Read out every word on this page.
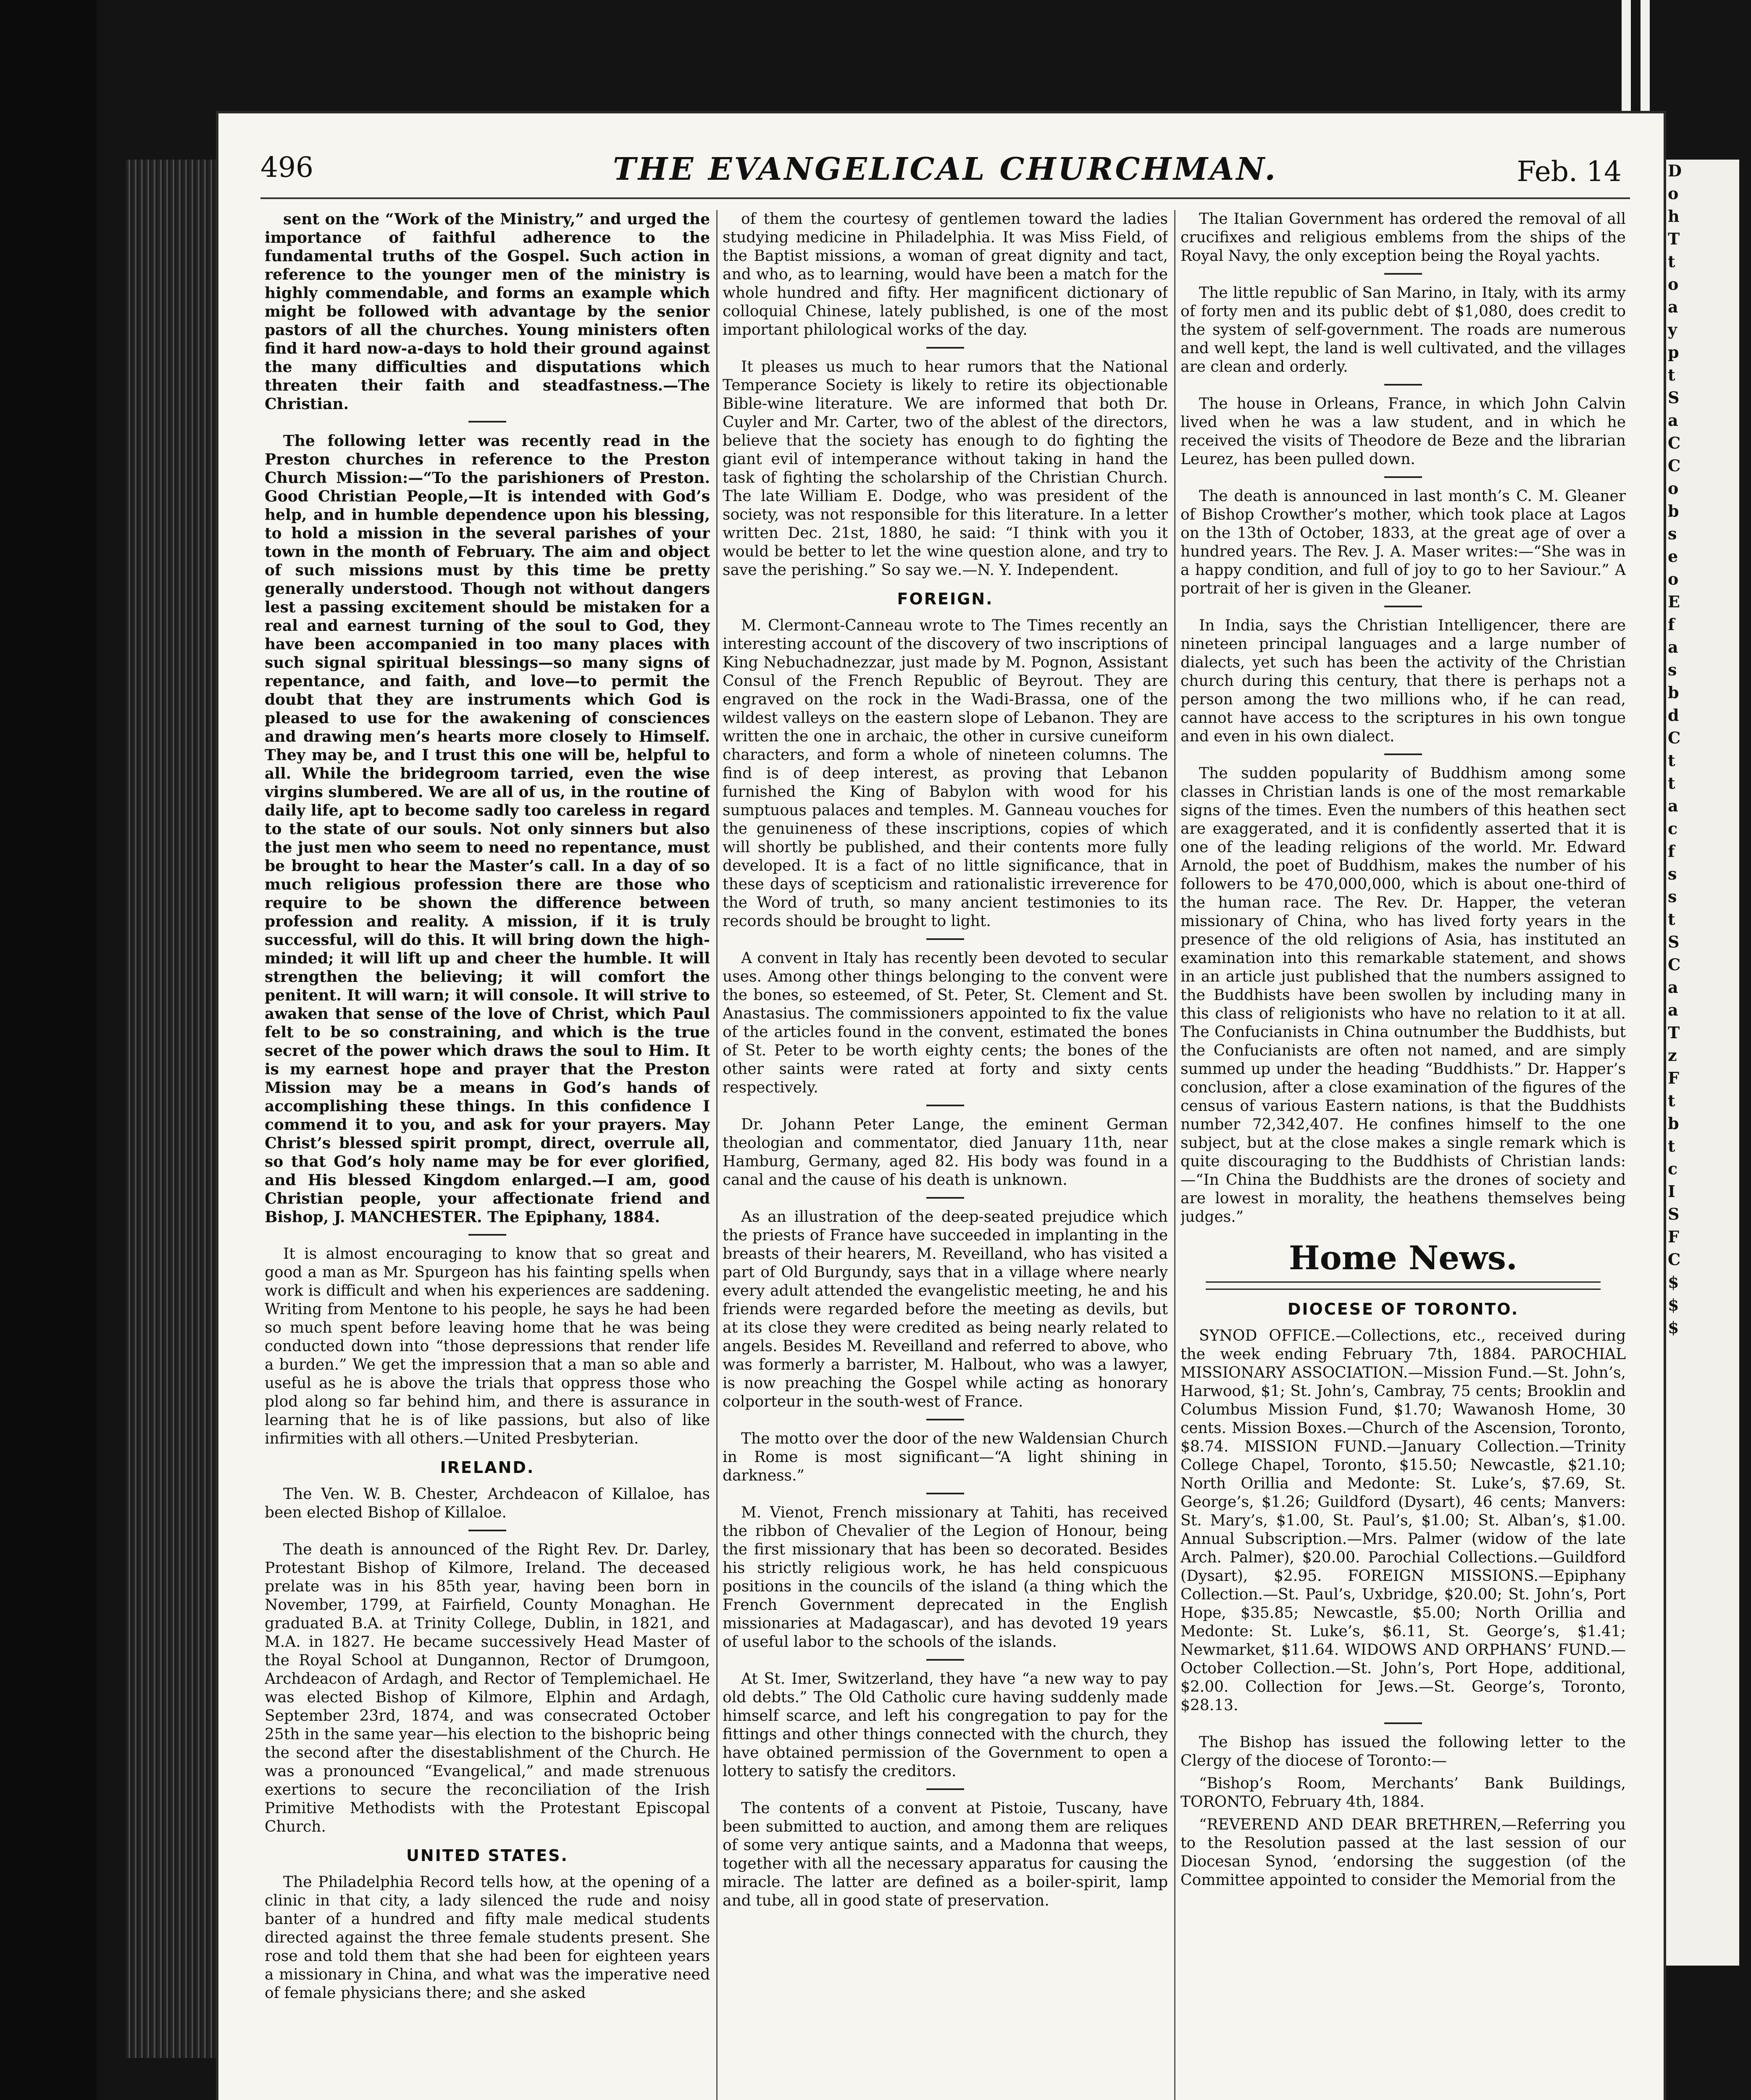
D
o
h
T
t
o
a
y
p
t
S
a
C
C
o
b
s
e
o
E
f
a
s
b
d
C
t
t
a
c
f
s
s
t
S
C
a
a
T
z
F
t
b
t
c
I
S
F
C
$
$
$
THE EVANGELICAL CHURCHMAN.
496	Feb. 14

sent on the “Work of the Ministry,” and urged the importance of faithful adherence to the fundamental truths of the Gospel. Such action in reference to the younger men of the ministry is highly commendable, and forms an example which might be followed with advantage by the senior pastors of all the churches. Young ministers often find it hard now-a-days to hold their ground against the many difficulties and disputations which threaten their faith and steadfastness.—The Christian.

The following letter was recently read in the Preston churches in reference to the Preston Church Mission:—“To the parishioners of Preston. Good Christian People,—It is intended with God’s help, and in humble dependence upon his blessing, to hold a mission in the several parishes of your town in the month of February. The aim and object of such missions must by this time be pretty generally understood. Though not without dangers lest a passing excitement should be mistaken for a real and earnest turning of the soul to God, they have been accompanied in too many places with such signal spiritual blessings—so many signs of repentance, and faith, and love—to permit the doubt that they are instruments which God is pleased to use for the awakening of consciences and drawing men’s hearts more closely to Himself. They may be, and I trust this one will be, helpful to all. While the bridegroom tarried, even the wise virgins slumbered. We are all of us, in the routine of daily life, apt to become sadly too careless in regard to the state of our souls. Not only sinners but also the just men who seem to need no repentance, must be brought to hear the Master’s call. In a day of so much religious profession there are those who require to be shown the difference between profession and reality. A mission, if it is truly successful, will do this. It will bring down the high-minded; it will lift up and cheer the humble. It will strengthen the believing; it will comfort the penitent. It will warn; it will console. It will strive to awaken that sense of the love of Christ, which Paul felt to be so constraining, and which is the true secret of the power which draws the soul to Him. It is my earnest hope and prayer that the Preston Mission may be a means in God’s hands of accomplishing these things. In this confidence I commend it to you, and ask for your prayers. May Christ’s blessed spirit prompt, direct, overrule all, so that God’s holy name may be for ever glorified, and His blessed Kingdom enlarged.—I am, good Christian people, your affectionate friend and Bishop, J. MANCHESTER. The Epiphany, 1884.

It is almost encouraging to know that so great and good a man as Mr. Spurgeon has his fainting spells when work is difficult and when his experiences are saddening. Writing from Mentone to his people, he says he had been so much spent before leaving home that he was being conducted down into “those depressions that render life a burden.” We get the impression that a man so able and useful as he is above the trials that oppress those who plod along so far behind him, and there is assurance in learning that he is of like passions, but also of like infirmities with all others.—United Presbyterian.

IRELAND.

The Ven. W. B. Chester, Archdeacon of Killaloe, has been elected Bishop of Killaloe.

The death is announced of the Right Rev. Dr. Darley, Protestant Bishop of Kilmore, Ireland. The deceased prelate was in his 85th year, having been born in November, 1799, at Fairfield, County Monaghan. He graduated B.A. at Trinity College, Dublin, in 1821, and M.A. in 1827. He became successively Head Master of the Royal School at Dungannon, Rector of Drumgoon, Archdeacon of Ardagh, and Rector of Templemichael. He was elected Bishop of Kilmore, Elphin and Ardagh, September 23rd, 1874, and was consecrated October 25th in the same year—his election to the bishopric being the second after the disestablishment of the Church. He was a pronounced “Evangelical,” and made strenuous exertions to secure the reconciliation of the Irish Primitive Methodists with the Protestant Episcopal Church.

UNITED STATES.

The Philadelphia Record tells how, at the opening of a clinic in that city, a lady silenced the rude and noisy banter of a hundred and fifty male medical students directed against the three female students present. She rose and told them that she had been for eighteen years a missionary in China, and what was the imperative need of female physicians there; and she asked

of them the courtesy of gentlemen toward the ladies studying medicine in Philadelphia. It was Miss Field, of the Baptist missions, a woman of great dignity and tact, and who, as to learning, would have been a match for the whole hundred and fifty. Her magnificent dictionary of colloquial Chinese, lately published, is one of the most important philological works of the day.

It pleases us much to hear rumors that the National Temperance Society is likely to retire its objectionable Bible-wine literature. We are informed that both Dr. Cuyler and Mr. Carter, two of the ablest of the directors, believe that the society has enough to do fighting the giant evil of intemperance without taking in hand the task of fighting the scholarship of the Christian Church. The late William E. Dodge, who was president of the society, was not responsible for this literature. In a letter written Dec. 21st, 1880, he said: “I think with you it would be better to let the wine question alone, and try to save the perishing.” So say we.—N. Y. Independent.

FOREIGN.

M. Clermont-Canneau wrote to The Times recently an interesting account of the discovery of two inscriptions of King Nebuchadnezzar, just made by M. Pognon, Assistant Consul of the French Republic of Beyrout. They are engraved on the rock in the Wadi-Brassa, one of the wildest valleys on the eastern slope of Lebanon. They are written the one in archaic, the other in cursive cuneiform characters, and form a whole of nineteen columns. The find is of deep interest, as proving that Lebanon furnished the King of Babylon with wood for his sumptuous palaces and temples. M. Ganneau vouches for the genuineness of these inscriptions, copies of which will shortly be published, and their contents more fully developed. It is a fact of no little significance, that in these days of scepticism and rationalistic irreverence for the Word of truth, so many ancient testimonies to its records should be brought to light.

A convent in Italy has recently been devoted to secular uses. Among other things belonging to the convent were the bones, so esteemed, of St. Peter, St. Clement and St. Anastasius. The commissioners appointed to fix the value of the articles found in the convent, estimated the bones of St. Peter to be worth eighty cents; the bones of the other saints were rated at forty and sixty cents respectively.

Dr. Johann Peter Lange, the eminent German theologian and commentator, died January 11th, near Hamburg, Germany, aged 82. His body was found in a canal and the cause of his death is unknown.

As an illustration of the deep-seated prejudice which the priests of France have succeeded in implanting in the breasts of their hearers, M. Reveilland, who has visited a part of Old Burgundy, says that in a village where nearly every adult attended the evangelistic meeting, he and his friends were regarded before the meeting as devils, but at its close they were credited as being nearly related to angels. Besides M. Reveilland and referred to above, who was formerly a barrister, M. Halbout, who was a lawyer, is now preaching the Gospel while acting as honorary colporteur in the south-west of France.

The motto over the door of the new Waldensian Church in Rome is most significant—“A light shining in darkness.”

M. Vienot, French missionary at Tahiti, has received the ribbon of Chevalier of the Legion of Honour, being the first missionary that has been so decorated. Besides his strictly religious work, he has held conspicuous positions in the councils of the island (a thing which the French Government deprecated in the English missionaries at Madagascar), and has devoted 19 years of useful labor to the schools of the islands.

At St. Imer, Switzerland, they have “a new way to pay old debts.” The Old Catholic cure having suddenly made himself scarce, and left his congregation to pay for the fittings and other things connected with the church, they have obtained permission of the Government to open a lottery to satisfy the creditors.

The contents of a convent at Pistoie, Tuscany, have been submitted to auction, and among them are reliques of some very antique saints, and a Madonna that weeps, together with all the necessary apparatus for causing the miracle. The latter are defined as a boiler-spirit, lamp and tube, all in good state of preservation.

The Italian Government has ordered the removal of all crucifixes and religious emblems from the ships of the Royal Navy, the only exception being the Royal yachts.

The little republic of San Marino, in Italy, with its army of forty men and its public debt of $1,080, does credit to the system of self-government. The roads are numerous and well kept, the land is well cultivated, and the villages are clean and orderly.

The house in Orleans, France, in which John Calvin lived when he was a law student, and in which he received the visits of Theodore de Beze and the librarian Leurez, has been pulled down.

The death is announced in last month’s C. M. Gleaner of Bishop Crowther’s mother, which took place at Lagos on the 13th of October, 1833, at the great age of over a hundred years. The Rev. J. A. Maser writes:—“She was in a happy condition, and full of joy to go to her Saviour.” A portrait of her is given in the Gleaner.

In India, says the Christian Intelligencer, there are nineteen principal languages and a large number of dialects, yet such has been the activity of the Christian church during this century, that there is perhaps not a person among the two millions who, if he can read, cannot have access to the scriptures in his own tongue and even in his own dialect.

The sudden popularity of Buddhism among some classes in Christian lands is one of the most remarkable signs of the times. Even the numbers of this heathen sect are exaggerated, and it is confidently asserted that it is one of the leading religions of the world. Mr. Edward Arnold, the poet of Buddhism, makes the number of his followers to be 470,000,000, which is about one-third of the human race. The Rev. Dr. Happer, the veteran missionary of China, who has lived forty years in the presence of the old religions of Asia, has instituted an examination into this remarkable statement, and shows in an article just published that the numbers assigned to the Buddhists have been swollen by including many in this class of religionists who have no relation to it at all. The Confucianists in China outnumber the Buddhists, but the Confucianists are often not named, and are simply summed up under the heading “Buddhists.” Dr. Happer’s conclusion, after a close examination of the figures of the census of various Eastern nations, is that the Buddhists number 72,342,407. He confines himself to the one subject, but at the close makes a single remark which is quite discouraging to the Buddhists of Christian lands:—“In China the Buddhists are the drones of society and are lowest in morality, the heathens themselves being judges.”

Home News.
DIOCESE OF TORONTO.

SYNOD OFFICE.—Collections, etc., received during the week ending February 7th, 1884. PAROCHIAL MISSIONARY ASSOCIATION.—Mission Fund.—St. John’s, Harwood, $1; St. John’s, Cambray, 75 cents; Brooklin and Columbus Mission Fund, $1.70; Wawanosh Home, 30 cents. Mission Boxes.—Church of the Ascension, Toronto, $8.74. MISSION FUND.—January Collection.—Trinity College Chapel, Toronto, $15.50; Newcastle, $21.10; North Orillia and Medonte: St. Luke’s, $7.69, St. George’s, $1.26; Guildford (Dysart), 46 cents; Manvers: St. Mary’s, $1.00, St. Paul’s, $1.00; St. Alban’s, $1.00. Annual Subscription.—Mrs. Palmer (widow of the late Arch. Palmer), $20.00. Parochial Collections.—Guildford (Dysart), $2.95. FOREIGN MISSIONS.—Epiphany Collection.—St. Paul’s, Uxbridge, $20.00; St. John’s, Port Hope, $35.85; Newcastle, $5.00; North Orillia and Medonte: St. Luke’s, $6.11, St. George’s, $1.41; Newmarket, $11.64. WIDOWS AND ORPHANS’ FUND.—October Collection.—St. John’s, Port Hope, additional, $2.00. Collection for Jews.—St. George’s, Toronto, $28.13.

The Bishop has issued the following letter to the Clergy of the diocese of Toronto:—

“Bishop’s Room, Merchants’ Bank Buildings, TORONTO, February 4th, 1884.

“REVEREND AND DEAR BRETHREN,—Referring you to the Resolution passed at the last session of our Diocesan Synod, ‘endorsing the suggestion (of the Committee appointed to consider the Memorial from the
